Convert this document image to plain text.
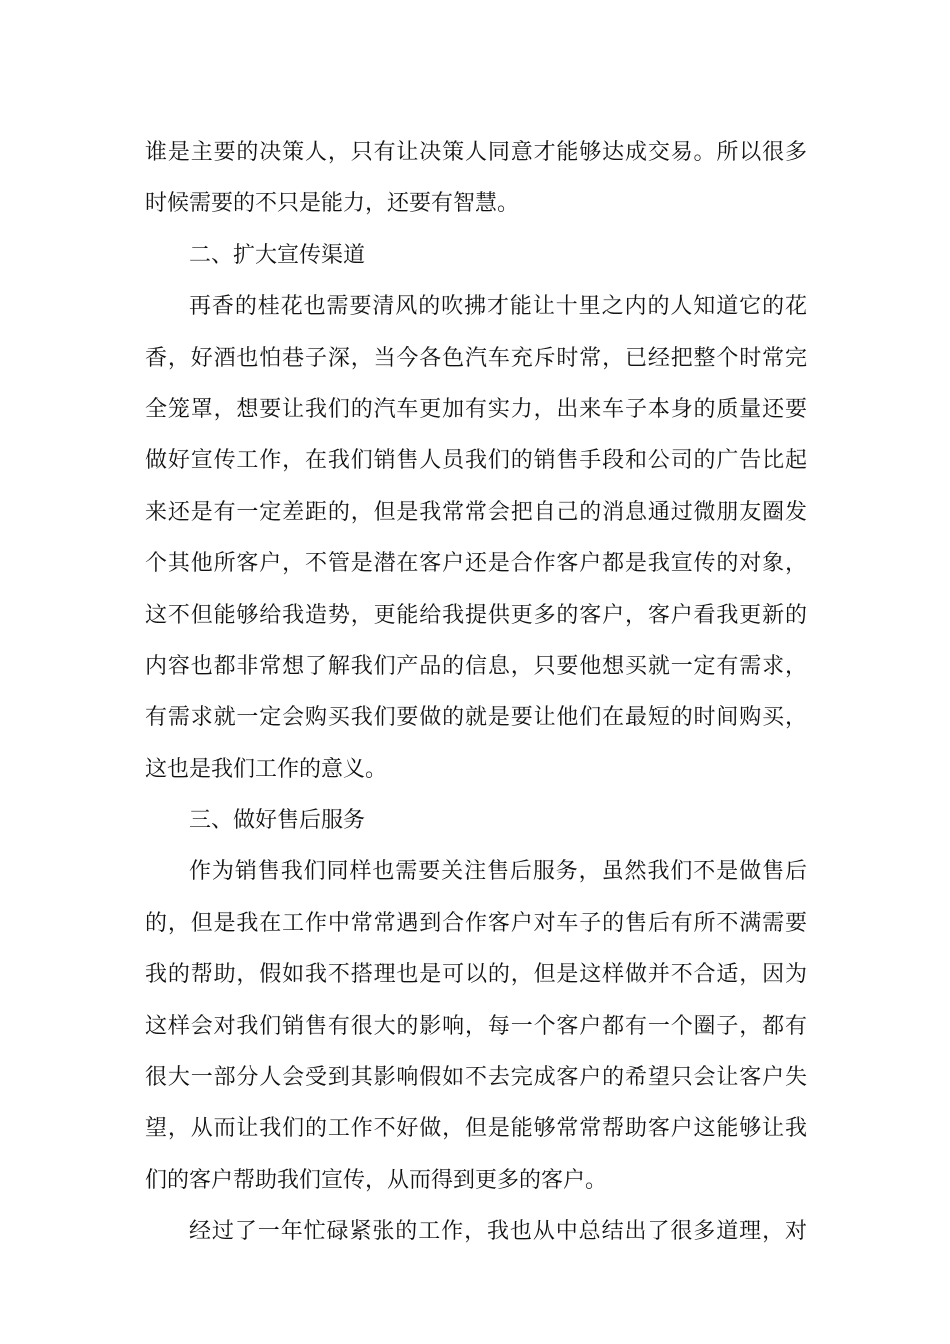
谁是主要的决策人，只有让决策人同意才能够达成交易。所以很多
时候需要的不只是能力，还要有智慧。
二、扩大宣传渠道
再香的桂花也需要清风的吹拂才能让十里之内的人知道它的花
香，好酒也怕巷子深，当今各色汽车充斥时常，已经把整个时常完
全笼罩，想要让我们的汽车更加有实力，出来车子本身的质量还要
做好宣传工作，在我们销售人员我们的销售手段和公司的广告比起
来还是有一定差距的，但是我常常会把自己的消息通过微朋友圈发
个其他所客户，不管是潜在客户还是合作客户都是我宣传的对象，
这不但能够给我造势，更能给我提供更多的客户，客户看我更新的
内容也都非常想了解我们产品的信息，只要他想买就一定有需求，
有需求就一定会购买我们要做的就是要让他们在最短的时间购买，
这也是我们工作的意义。
三、做好售后服务
作为销售我们同样也需要关注售后服务，虽然我们不是做售后
的，但是我在工作中常常遇到合作客户对车子的售后有所不满需要
我的帮助，假如我不搭理也是可以的，但是这样做并不合适，因为
这样会对我们销售有很大的影响，每一个客户都有一个圈子，都有
很大一部分人会受到其影响假如不去完成客户的希望只会让客户失
望，从而让我们的工作不好做，但是能够常常帮助客户这能够让我
们的客户帮助我们宣传，从而得到更多的客户。
经过了一年忙碌紧张的工作，我也从中总结出了很多道理，对
